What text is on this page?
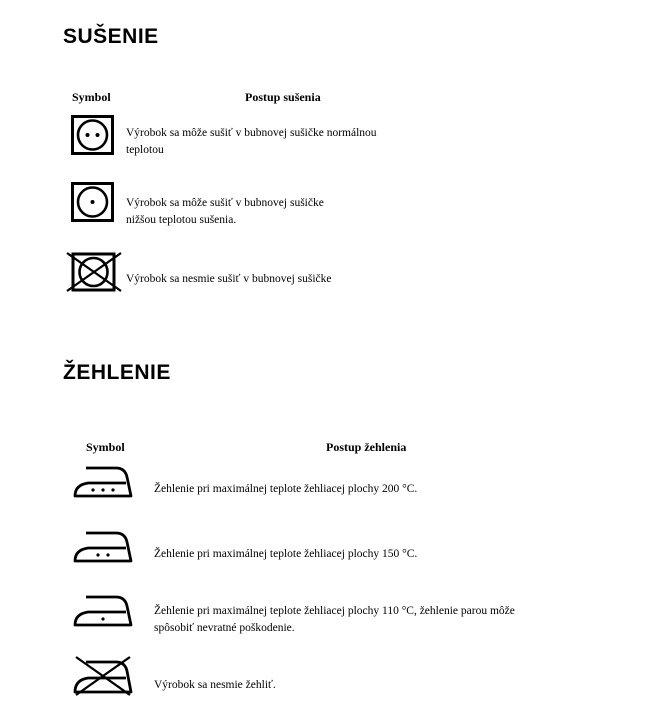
SUŠENIE
Symbol	Postup sušenia
Výrobok sa môže sušiť v bubnovej sušičke normálnou
teplotou
Výrobok sa môže sušiť v bubnovej sušičke
nižšou teplotou sušenia.
Výrobok sa nesmie sušiť v bubnovej sušičke
ŽEHLENIE
Symbol	Postup žehlenia
Žehlenie pri maximálnej teplote žehliacej plochy 200 °C.
Žehlenie pri maximálnej teplote žehliacej plochy 150 °C.
Žehlenie pri maximálnej teplote žehliacej plochy 110 °C, žehlenie parou môže
spôsobiť nevratné poškodenie.
Výrobok sa nesmie žehliť.
